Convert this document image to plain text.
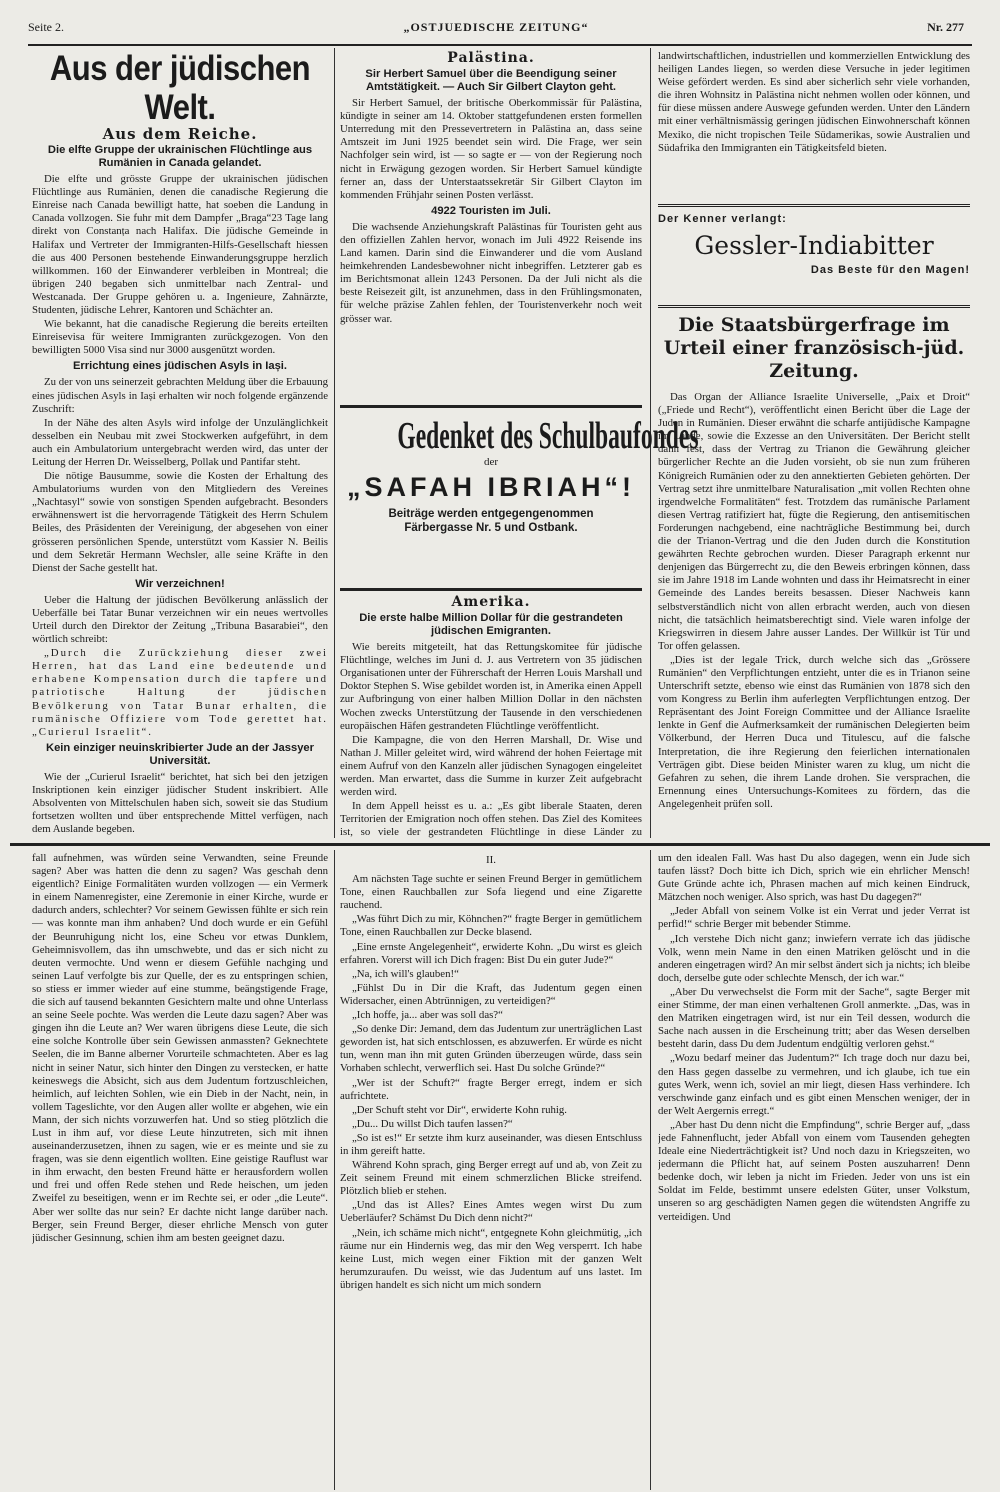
Seite 2.	„OSTJUEDISCHE ZEITUNG“	Nr. 277
Aus der jüdischen Welt.
Aus dem Reiche.
Die elfte Gruppe der ukrainischen Flüchtlinge aus Rumänien in Canada gelandet.

Die elfte und grösste Gruppe der ukrainischen jüdischen Flüchtlinge aus Rumänien, denen die canadische Regierung die Einreise nach Canada bewilligt hatte, hat soeben die Landung in Canada vollzogen. Sie fuhr mit dem Dampfer „Braga“23 Tage lang direkt von Constanța nach Halifax. Die jüdische Gemeinde in Halifax und Vertreter der Immigranten-Hilfs-Gesellschaft hiessen die aus 400 Personen bestehende Einwanderungsgruppe herzlich willkommen. 160 der Einwanderer verbleiben in Montreal; die übrigen 240 begaben sich unmittelbar nach Zentral- und Westcanada. Der Gruppe gehören u. a. Ingenieure, Zahnärzte, Studenten, jüdische Lehrer, Kantoren und Schächter an.

Wie bekannt, hat die canadische Regierung die bereits erteilten Einreisevisa für weitere Immigranten zurückgezogen. Von den bewilligten 5000 Visa sind nur 3000 ausgenützt worden.

Errichtung eines jüdischen Asyls in Iași.

Zu der von uns seinerzeit gebrachten Meldung über die Erbauung eines jüdischen Asyls in Iași erhalten wir noch folgende ergänzende Zuschrift:

In der Nähe des alten Asyls wird infolge der Unzulänglichkeit desselben ein Neubau mit zwei Stockwerken aufgeführt, in dem auch ein Ambulatorium untergebracht werden wird, das unter der Leitung der Herren Dr. Weisselberg, Pollak und Pantifar steht.

Die nötige Bausumme, sowie die Kosten der Erhaltung des Ambulatoriums wurden von den Mitgliedern des Vereines „Nachtasyl“ sowie von sonstigen Spenden aufgebracht. Besonders erwähnenswert ist die hervorragende Tätigkeit des Herrn Schulem Beiles, des Präsidenten der Vereinigung, der abgesehen von einer grösseren persönlichen Spende, unterstützt vom Kassier N. Beilis und dem Sekretär Hermann Wechsler, alle seine Kräfte in den Dienst der Sache gestellt hat.

Wir verzeichnen!

Ueber die Haltung der jüdischen Bevölkerung anlässlich der Ueberfälle bei Tatar Bunar verzeichnen wir ein neues wertvolles Urteil durch den Direktor der Zeitung „Tribuna Basarabiei“, den wörtlich schreibt:

„Durch die Zurückziehung dieser zwei Herren, hat das Land eine bedeutende und erhabene Kompensation durch die tapfere und patriotische Haltung der jüdischen Bevölkerung von Tatar Bunar erhalten, die rumänische Offiziere vom Tode gerettet hat. „Curierul Israelit“.

Kein einziger neuinskribierter Jude an der Jassyer Universität.

Wie der „Curierul Israelit“ berichtet, hat sich bei den jetzigen Inskriptionen kein einziger jüdischer Student inskribiert. Alle Absolventen von Mittelschulen haben sich, soweit sie das Studium fortsetzen wollten und über entsprechende Mittel verfügen, nach dem Auslande begeben.

Palästina.
Sir Herbert Samuel über die Beendigung seiner Amtstätigkeit. — Auch Sir Gilbert Clayton geht.

Sir Herbert Samuel, der britische Oberkommissär für Palästina, kündigte in seiner am 14. Oktober stattgefundenen ersten formellen Unterredung mit den Pressevertretern in Palästina an, dass seine Amtszeit im Juni 1925 beendet sein wird. Die Frage, wer sein Nachfolger sein wird, ist — so sagte er — von der Regierung noch nicht in Erwägung gezogen worden. Sir Herbert Samuel kündigte ferner an, dass der Unterstaatssekretär Sir Gilbert Clayton im kommenden Frühjahr seinen Posten verlässt.

4922 Touristen im Juli.

Die wachsende Anziehungskraft Palästinas für Touristen geht aus den offiziellen Zahlen hervor, wonach im Juli 4922 Reisende ins Land kamen. Darin sind die Einwanderer und die vom Ausland heimkehrenden Landesbewohner nicht inbegriffen. Letzterer gab es im Berichtsmonat allein 1243 Personen. Da der Juli nicht als die beste Reisezeit gilt, ist anzunehmen, dass in den Frühlingsmonaten, für welche präzise Zahlen fehlen, der Touristenverkehr noch weit grösser war.

Gedenket des Schulbaufondes
der
„SAFAH IBRIAH“!
Beiträge werden entgegengenommen
Färbergasse Nr. 5 und Ostbank.
Amerika.
Die erste halbe Million Dollar für die gestrandeten jüdischen Emigranten.

Wie bereits mitgeteilt, hat das Rettungskomitee für jüdische Flüchtlinge, welches im Juni d. J. aus Vertretern von 35 jüdischen Organisationen unter der Führerschaft der Herren Louis Marshall und Doktor Stephen S. Wise gebildet worden ist, in Amerika einen Appell zur Aufbringung von einer halben Million Dollar in den nächsten Wochen zwecks Unterstützung der Tausende in den verschiedenen europäischen Häfen gestrandeten Flüchtlinge veröffentlicht.

Die Kampagne, die von den Herren Marshall, Dr. Wise und Nathan J. Miller geleitet wird, wird während der hohen Feiertage mit einem Aufruf von den Kanzeln aller jüdischen Synagogen eingeleitet werden. Man erwartet, dass die Summe in kurzer Zeit aufgebracht werden wird.

In dem Appell heisst es u. a.: „Es gibt liberale Staaten, deren Territorien der Emigration noch offen stehen. Das Ziel des Komitees ist, so viele der gestrandeten Flüchtlinge in diese Länder zu

landwirtschaftlichen, industriellen und kommerziellen Entwicklung des heiligen Landes liegen, so werden diese Versuche in jeder legitimen Weise gefördert werden. Es sind aber sicherlich sehr viele vorhanden, die ihren Wohnsitz in Palästina nicht nehmen wollen oder können, und für diese müssen andere Auswege gefunden werden. Unter den Ländern mit einer verhältnismässig geringen jüdischen Einwohnerschaft können Mexiko, die nicht tropischen Teile Südamerikas, sowie Australien und Südafrika den Immigranten ein Tätigkeitsfeld bieten.

Der Kenner verlangt:
Gessler-Indiabitter
Das Beste für den Magen!
Die Staatsbürgerfrage im Urteil einer französisch-jüd. Zeitung.

Das Organ der Alliance Israelite Universelle, „Paix et Droit“ („Friede und Recht“), veröffentlicht einen Bericht über die Lage der Juden in Rumänien. Dieser erwähnt die scharfe antijüdische Kampagne im Lande, sowie die Exzesse an den Universitäten. Der Bericht stellt dann fest, dass der Vertrag zu Trianon die Gewährung gleicher bürgerlicher Rechte an die Juden vorsieht, ob sie nun zum früheren Königreich Rumänien oder zu den annektierten Gebieten gehörten. Der Vertrag setzt ihre unmittelbare Naturalisation „mit vollen Rechten ohne irgendwelche Formalitäten“ fest. Trotzdem das rumänische Parlament diesen Vertrag ratifiziert hat, fügte die Regierung, den antisemitischen Forderungen nachgebend, eine nachträgliche Bestimmung bei, durch die der Trianon-Vertrag und die den Juden durch die Konstitution gewährten Rechte gebrochen wurden. Dieser Paragraph erkennt nur denjenigen das Bürgerrecht zu, die den Beweis erbringen können, dass sie im Jahre 1918 im Lande wohnten und dass ihr Heimatsrecht in einer Gemeinde des Landes bereits besassen. Dieser Nachweis kann selbstverständlich nicht von allen erbracht werden, auch von diesen nicht, die tatsächlich heimatsberechtigt sind. Viele waren infolge der Kriegswirren in diesem Jahre ausser Landes. Der Willkür ist Tür und Tor offen gelassen.

„Dies ist der legale Trick, durch welche sich das „Grössere Rumänien“ den Verpflichtungen entzieht, unter die es in Trianon seine Unterschrift setzte, ebenso wie einst das Rumänien von 1878 sich den vom Kongress zu Berlin ihm auferlegten Verpflichtungen entzog. Der Repräsentant des Joint Foreign Committee und der Alliance Israelite lenkte in Genf die Aufmerksamkeit der rumänischen Delegierten beim Völkerbund, der Herren Duca und Titulescu, auf die falsche Interpretation, die ihre Regierung den feierlichen internationalen Verträgen gibt. Diese beiden Minister waren zu klug, um nicht die Gefahren zu sehen, die ihrem Lande drohen. Sie versprachen, die Ernennung eines Untersuchungs-Komitees zu fördern, das die Angelegenheit prüfen soll.

fall aufnehmen, was würden seine Verwandten, seine Freunde sagen? Aber was hatten die denn zu sagen? Was geschah denn eigentlich? Einige Formalitäten wurden vollzogen — ein Vermerk in einem Namenregister, eine Zeremonie in einer Kirche, wurde er dadurch anders, schlechter? Vor seinem Gewissen fühlte er sich rein — was konnte man ihm anhaben? Und doch wurde er ein Gefühl der Beunruhigung nicht los, eine Scheu vor etwas Dunklem, Geheimnisvollem, das ihn umschwebte, und das er sich nicht zu deuten vermochte. Und wenn er diesem Gefühle nachging und seinen Lauf verfolgte bis zur Quelle, der es zu entspringen schien, so stiess er immer wieder auf eine stumme, beängstigende Frage, die sich auf tausend bekannten Gesichtern malte und ohne Unterlass an seine Seele pochte. Was werden die Leute dazu sagen? Aber was gingen ihn die Leute an? Wer waren übrigens diese Leute, die sich eine solche Kontrolle über sein Gewissen anmassten? Geknechtete Seelen, die im Banne alberner Vorurteile schmachteten. Aber es lag nicht in seiner Natur, sich hinter den Dingen zu verstecken, er hatte keineswegs die Absicht, sich aus dem Judentum fortzuschleichen, heimlich, auf leichten Sohlen, wie ein Dieb in der Nacht, nein, in vollem Tageslichte, vor den Augen aller wollte er abgehen, wie ein Mann, der sich nichts vorzuwerfen hat. Und so stieg plötzlich die Lust in ihm auf, vor diese Leute hinzutreten, sich mit ihnen auseinanderzusetzen, ihnen zu sagen, wie er es meinte und sie zu fragen, was sie denn eigentlich wollten. Eine geistige Rauflust war in ihm erwacht, den besten Freund hätte er herausfordern wollen und frei und offen Rede stehen und Rede heischen, um jeden Zweifel zu beseitigen, wenn er im Rechte sei, er oder „die Leute“. Aber wer sollte das nur sein? Er dachte nicht lange darüber nach. Berger, sein Freund Berger, dieser ehrliche Mensch von guter jüdischer Gesinnung, schien ihm am besten geeignet dazu.

II.

Am nächsten Tage suchte er seinen Freund Berger in gemütlichem Tone, einen Rauchballen zur Sofa liegend und eine Zigarette rauchend.

„Was führt Dich zu mir, Köhnchen?“ fragte Berger in gemütlichem Tone, einen Rauchballen zur Decke blasend.

„Eine ernste Angelegenheit“, erwiderte Kohn. „Du wirst es gleich erfahren. Vorerst will ich Dich fragen: Bist Du ein guter Jude?“

„Na, ich will's glauben!“

„Fühlst Du in Dir die Kraft, das Judentum gegen einen Widersacher, einen Abtrünnigen, zu verteidigen?“

„Ich hoffe, ja... aber was soll das?“

„So denke Dir: Jemand, dem das Judentum zur unerträglichen Last geworden ist, hat sich entschlossen, es abzuwerfen. Er würde es nicht tun, wenn man ihn mit guten Gründen überzeugen würde, dass sein Vorhaben schlecht, verwerflich sei. Hast Du solche Gründe?“

„Wer ist der Schuft?“ fragte Berger erregt, indem er sich aufrichtete.

„Der Schuft steht vor Dir“, erwiderte Kohn ruhig.

„Du... Du willst Dich taufen lassen?“

„So ist es!“ Er setzte ihm kurz auseinander, was diesen Entschluss in ihm gereift hatte.

Während Kohn sprach, ging Berger erregt auf und ab, von Zeit zu Zeit seinem Freund mit einem schmerzlichen Blicke streifend. Plötzlich blieb er stehen.

„Und das ist Alles? Eines Amtes wegen wirst Du zum Ueberläufer? Schämst Du Dich denn nicht?“

„Nein, ich schäme mich nicht“, entgegnete Kohn gleichmütig, „ich räume nur ein Hindernis weg, das mir den Weg versperrt. Ich habe keine Lust, mich wegen einer Fiktion mit der ganzen Welt herumzuraufen. Du weisst, wie das Judentum auf uns lastet. Im übrigen handelt es sich nicht um mich sondern

um den idealen Fall. Was hast Du also dagegen, wenn ein Jude sich taufen lässt? Doch bitte ich Dich, sprich wie ein ehrlicher Mensch! Gute Gründe achte ich, Phrasen machen auf mich keinen Eindruck, Mätzchen noch weniger. Also sprich, was hast Du dagegen?“

„Jeder Abfall von seinem Volke ist ein Verrat und jeder Verrat ist perfid!“ schrie Berger mit bebender Stimme.

„Ich verstehe Dich nicht ganz; inwiefern verrate ich das jüdische Volk, wenn mein Name in den einen Matriken gelöscht und in die anderen eingetragen wird? An mir selbst ändert sich ja nichts; ich bleibe doch, derselbe gute oder schlechte Mensch, der ich war.“

„Aber Du verwechselst die Form mit der Sache“, sagte Berger mit einer Stimme, der man einen verhaltenen Groll anmerkte. „Das, was in den Matriken eingetragen wird, ist nur ein Teil dessen, wodurch die Sache nach aussen in die Erscheinung tritt; aber das Wesen derselben besteht darin, dass Du dem Judentum endgültig verloren gehst.“

„Wozu bedarf meiner das Judentum?“ Ich trage doch nur dazu bei, den Hass gegen dasselbe zu vermehren, und ich glaube, ich tue ein gutes Werk, wenn ich, soviel an mir liegt, diesen Hass verhindere. Ich verschwinde ganz einfach und es gibt einen Menschen weniger, der in der Welt Aergernis erregt.“

„Aber hast Du denn nicht die Empfindung“, schrie Berger auf, „dass jede Fahnenflucht, jeder Abfall von einem vom Tausenden gehegten Ideale eine Niederträchtigkeit ist? Und noch dazu in Kriegszeiten, wo jedermann die Pflicht hat, auf seinem Posten auszuharren! Denn bedenke doch, wir leben ja nicht im Frieden. Jeder von uns ist ein Soldat im Felde, bestimmt unsere edelsten Güter, unser Volkstum, unseren so arg geschädigten Namen gegen die wütendsten Angriffe zu verteidigen. Und
